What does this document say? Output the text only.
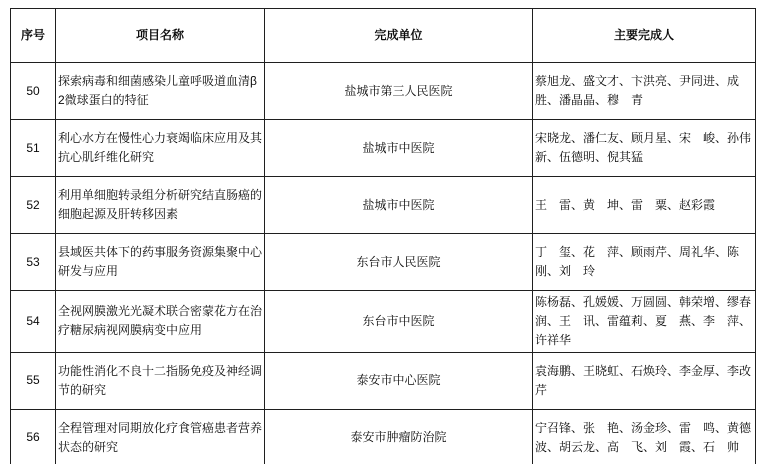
序号	项目名称	完成单位	主要完成人
50	探索病毒和细菌感染儿童呼吸道血清β2微球蛋白的特征	盐城市第三人民医院	蔡旭龙、盛文才、卞洪亮、尹同进、成　胜、潘晶晶、穆　青
51	利心水方在慢性心力衰竭临床应用及其抗心肌纤维化研究	盐城市中医院	宋晓龙、潘仁友、顾月星、宋　峻、孙伟新、伍德明、倪其猛
52	利用单细胞转录组分析研究结直肠癌的细胞起源及肝转移因素	盐城市中医院	王　雷、黄　坤、雷　粟、赵彩霞
53	县域医共体下的药事服务资源集聚中心研发与应用	东台市人民医院	丁　玺、花　萍、顾雨芹、周礼华、陈　刚、刘　玲
54	全视网膜激光光凝术联合密蒙花方在治疗糖尿病视网膜病变中应用	东台市中医院	陈杨磊、孔媛媛、万圆圆、韩荣增、缪春润、王　讯、雷蕴莉、夏　燕、李　萍、许祥华
55	功能性消化不良十二指肠免疫及神经调节的研究	泰安市中心医院	袁海鹏、王晓虹、石焕玲、李金厚、李改芹
56	全程管理对同期放化疗食管癌患者营养状态的研究	泰安市肿瘤防治院	宁召锋、张　艳、汤金珍、雷　鸣、黄德波、胡云龙、高　飞、刘　霞、石　帅
